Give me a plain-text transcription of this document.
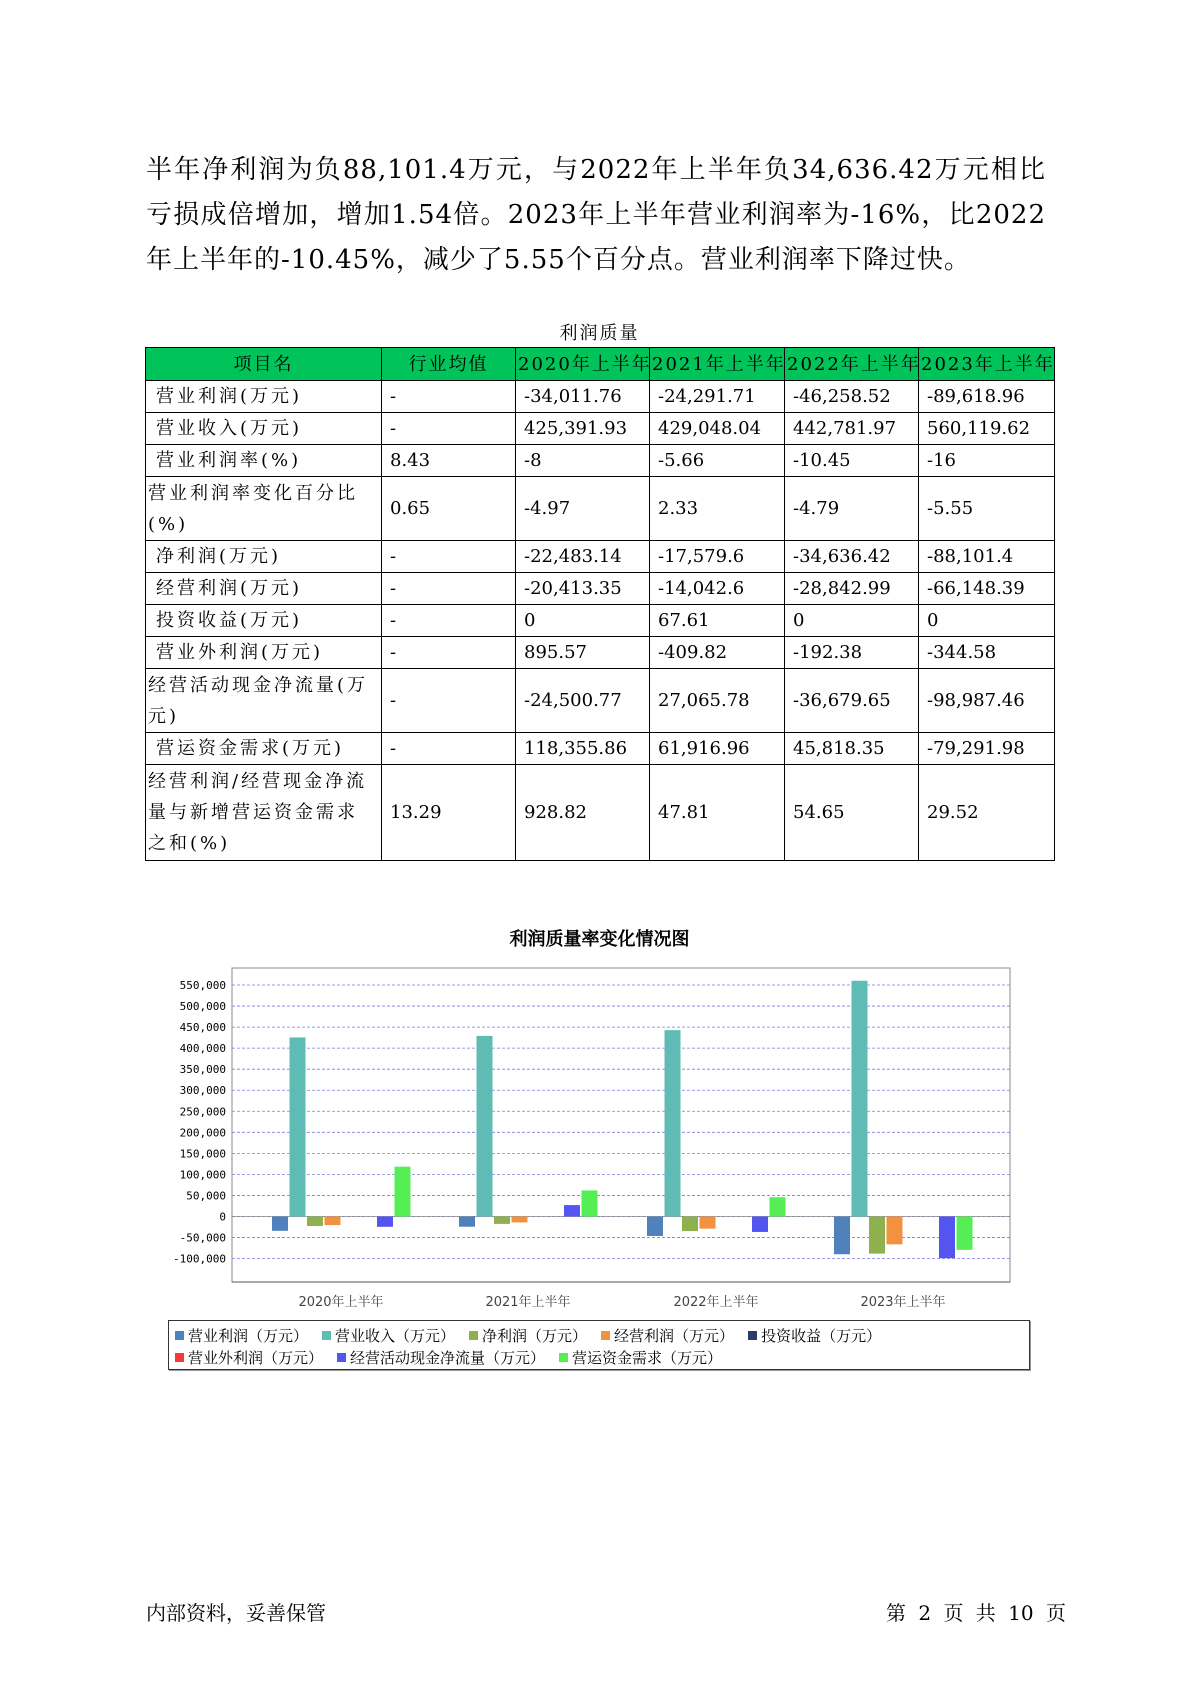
半年净利润为负88,101.4万元，与2022年上半年负34,636.42万元相比亏损成倍增加，增加1.54倍。2023年上半年营业利润率为-16%，比2022年上半年的-10.45%，减少了5.55个百分点。营业利润率下降过快。

利润质量
项目名	行业均值	2020年上半年	2021年上半年	2022年上半年	2023年上半年
营业利润(万元)	-	-34,011.76	-24,291.71	-46,258.52	-89,618.96
营业收入(万元)	-	425,391.93	429,048.04	442,781.97	560,119.62
营业利润率(%)	8.43	-8	-5.66	-10.45	-16
营业利润率变化百分比(%)	0.65	-4.97	2.33	-4.79	-5.55
净利润(万元)	-	-22,483.14	-17,579.6	-34,636.42	-88,101.4
经营利润(万元)	-	-20,413.35	-14,042.6	-28,842.99	-66,148.39
投资收益(万元)	-	0	67.61	0	0
营业外利润(万元)	-	895.57	-409.82	-192.38	-344.58
经营活动现金净流量(万元)	-	-24,500.77	27,065.78	-36,679.65	-98,987.46
营运资金需求(万元)	-	118,355.86	61,916.96	45,818.35	-79,291.98
经营利润/经营现金净流量与新增营运资金需求之和(%)	13.29	928.82	47.81	54.65	29.52
利润质量率变化情况图
550,000
500,000
450,000
400,000
350,000
300,000
250,000
200,000
150,000
100,000
50,000
0
-50,000
-100,000
2020年上半年	2021年上半年	2022年上半年	2023年上半年
营业利润（万元） 营业收入（万元） 净利润（万元） 经营利润（万元） 投资收益（万元）
营业外利润（万元） 经营活动现金净流量（万元） 营运资金需求（万元）
内部资料，妥善保管	第 2 页 共 10 页
